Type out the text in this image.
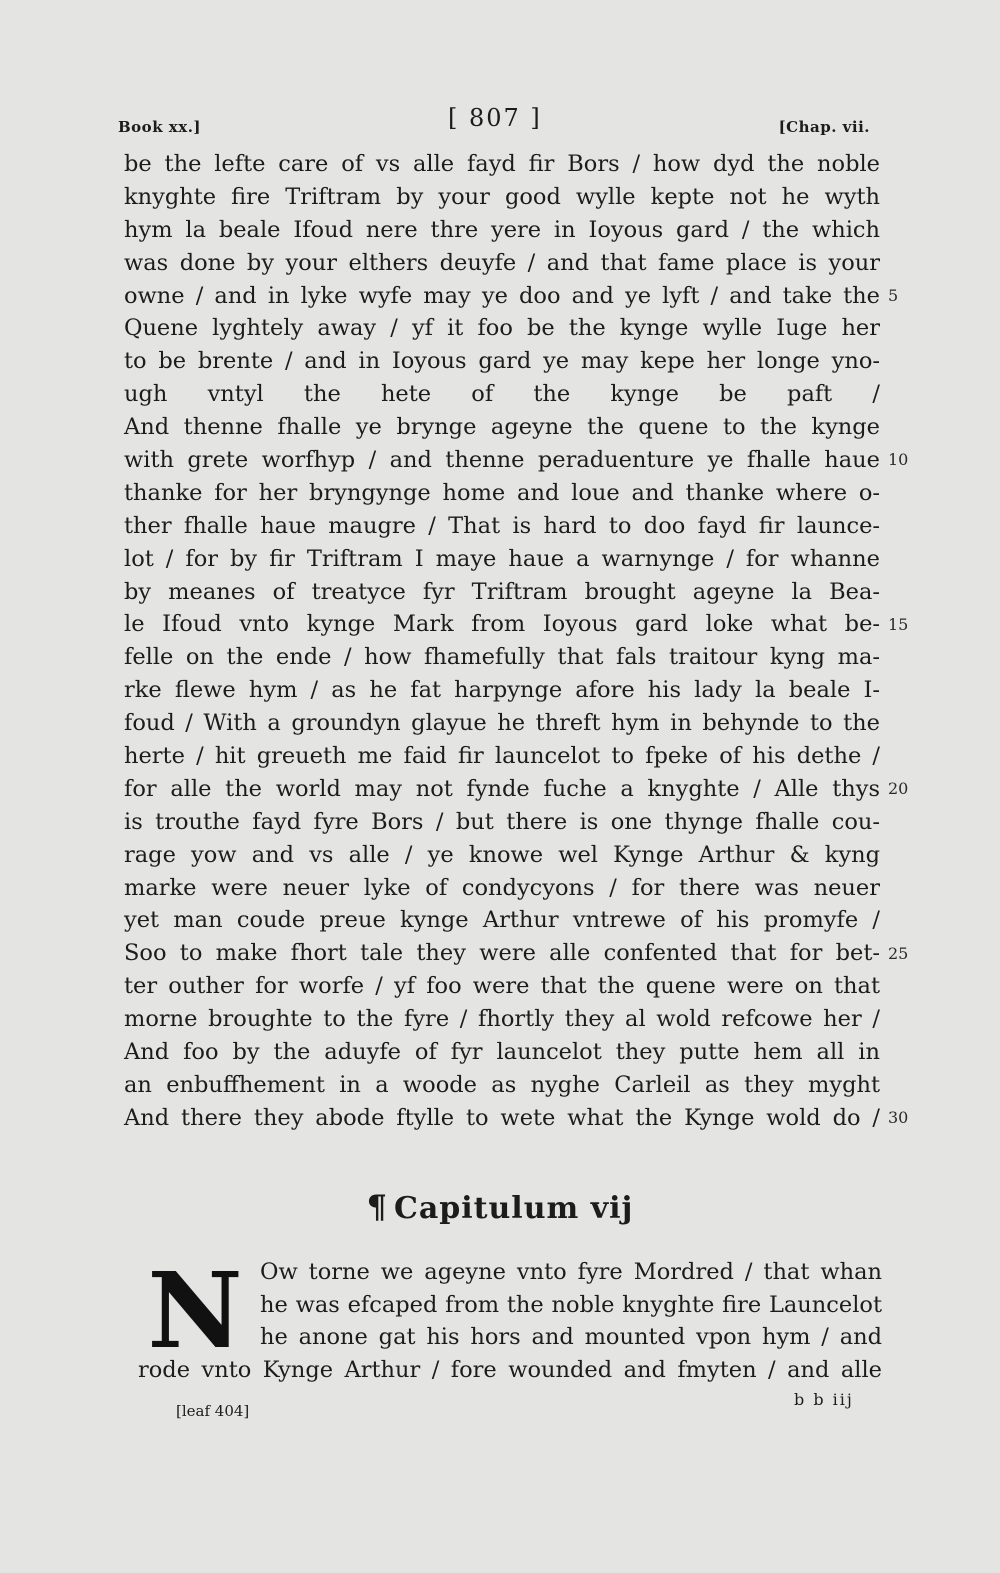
Book xx.]	[ 807 ]	[Chap. vii.
be the lefte care of vs alle fayd fir Bors / how dyd the noble
knyghte fire Triftram by your good wylle kepte not he wyth
hym la beale Ifoud nere thre yere in Ioyous gard / the which
was done by your elthers deuyfe / and that fame place is your
owne / and in lyke wyfe may ye doo and ye lyft / and take the
Quene lyghtely away / yf it foo be the kynge wylle Iuge her
to be brente / and in Ioyous gard ye may kepe her longe yno-
ugh vntyl the hete of the kynge be paft /
And thenne fhalle ye brynge ageyne the quene to the kynge
with grete worfhyp / and thenne peraduenture ye fhalle haue
thanke for her bryngynge home and loue and thanke where o-
ther fhalle haue maugre / That is hard to doo fayd fir launce-
lot / for by fir Triftram I maye haue a warnynge / for whanne
by meanes of treatyce fyr Triftram brought ageyne la Bea-
le Ifoud vnto kynge Mark from Ioyous gard loke what be-
felle on the ende / how fhamefully that fals traitour kyng ma-
rke flewe hym / as he fat harpynge afore his lady la beale I-
foud / With a groundyn glayue he threft hym in behynde to the
herte / hit greueth me faid fir launcelot to fpeke of his dethe /
for alle the world may not fynde fuche a knyghte / Alle thys
is trouthe fayd fyre Bors / but there is one thynge fhalle cou-
rage yow and vs alle / ye knowe wel Kynge Arthur & kyng
marke were neuer lyke of condycyons / for there was neuer
yet man coude preue kynge Arthur vntrewe of his promyfe /
Soo to make fhort tale they were alle confented that for bet-
ter outher for worfe / yf foo were that the quene were on that
morne broughte to the fyre / fhortly they al wold refcowe her /
And foo by the aduyfe of fyr launcelot they putte hem all in
an enbuffhement in a woode as nyghe Carleil as they myght
And there they abode ftylle to wete what the Kynge wold do /
¶ Capitulum vij
N Ow torne we ageyne vnto fyre Mordred / that whan
he was efcaped from the noble knyghte fire Launcelot
he anone gat his hors and mounted vpon hym / and
rode vnto Kynge Arthur / fore wounded and fmyten / and alle
[leaf 404]
b b iij
5
10
15
20
25
30
